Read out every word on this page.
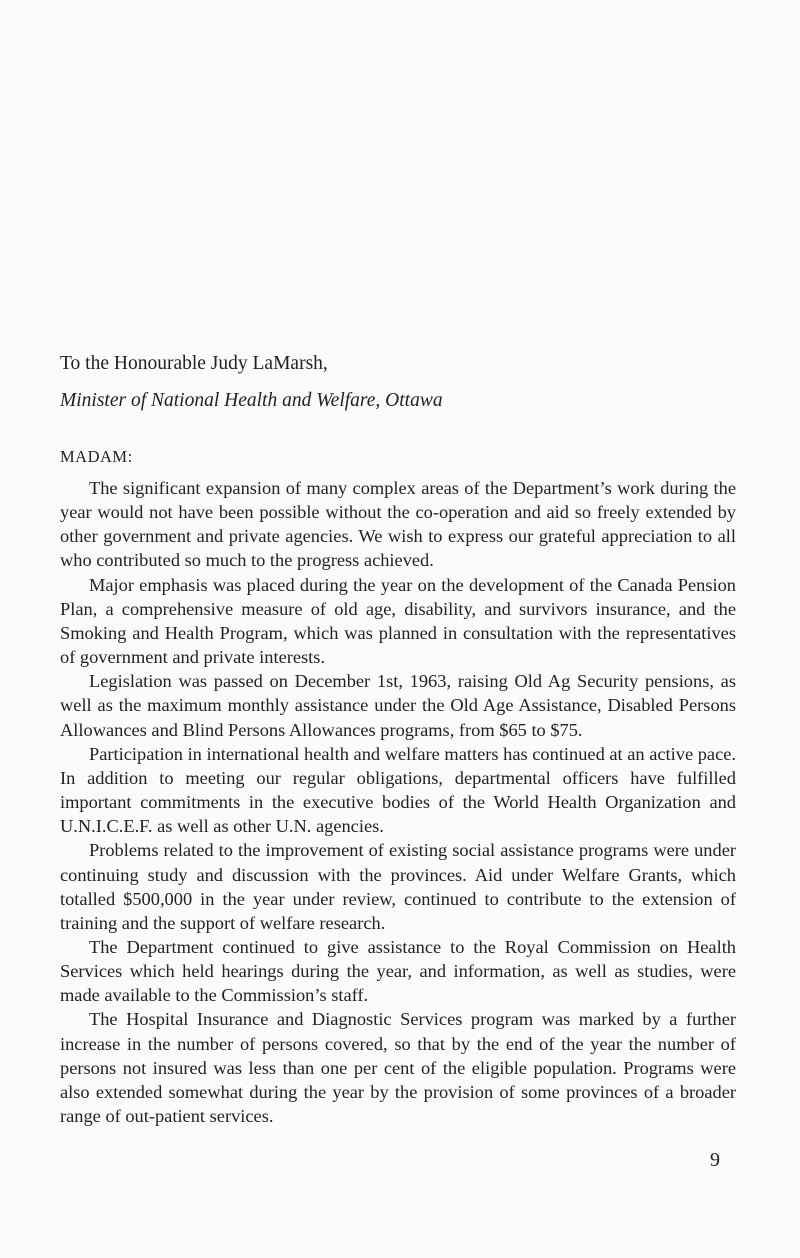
To the Honourable Judy LaMarsh,
Minister of National Health and Welfare, Ottawa
MADAM:

The significant expansion of many complex areas of the Department’s work during the year would not have been possible without the co-operation and aid so freely extended by other government and private agencies. We wish to express our grateful appreciation to all who contributed so much to the progress achieved.

Major emphasis was placed during the year on the development of the Canada Pension Plan, a comprehensive measure of old age, disability, and survivors insurance, and the Smoking and Health Program, which was planned in consultation with the representatives of government and private interests.

Legislation was passed on December 1st, 1963, raising Old Ag Security pensions, as well as the maximum monthly assistance under the Old Age Assistance, Disabled Persons Allowances and Blind Persons Allowances programs, from $65 to $75.

Participation in international health and welfare matters has continued at an active pace. In addition to meeting our regular obligations, departmental officers have fulfilled important commitments in the executive bodies of the World Health Organization and U.N.I.C.E.F. as well as other U.N. agencies.

Problems related to the improvement of existing social assistance programs were under continuing study and discussion with the provinces. Aid under Welfare Grants, which totalled $500,000 in the year under review, continued to contribute to the extension of training and the support of welfare research.

The Department continued to give assistance to the Royal Commission on Health Services which held hearings during the year, and information, as well as studies, were made available to the Commission’s staff.

The Hospital Insurance and Diagnostic Services program was marked by a further increase in the number of persons covered, so that by the end of the year the number of persons not insured was less than one per cent of the eligible population. Programs were also extended somewhat during the year by the provision of some provinces of a broader range of out-patient services.

9
